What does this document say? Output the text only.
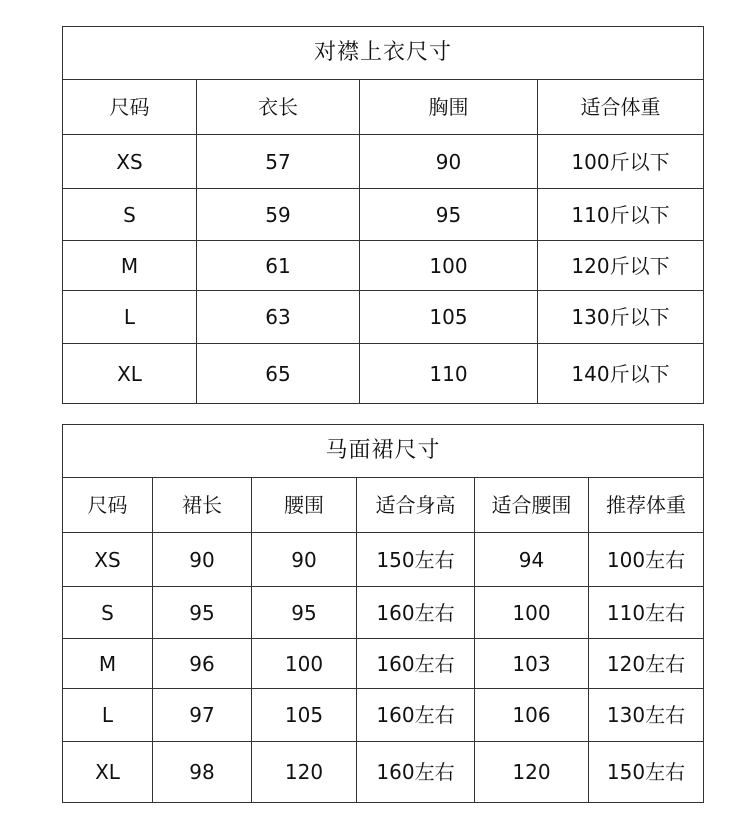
对襟上衣尺寸			
尺码	衣长	胸围	适合体重
XS	57	90	100斤以下
S	59	95	110斤以下
M	61	100	120斤以下
L	63	105	130斤以下
XL	65	110	140斤以下
马面裙尺寸					
尺码	裙长	腰围	适合身高	适合腰围	推荐体重
XS	90	90	150左右	94	100左右
S	95	95	160左右	100	110左右
M	96	100	160左右	103	120左右
L	97	105	160左右	106	130左右
XL	98	120	160左右	120	150左右
